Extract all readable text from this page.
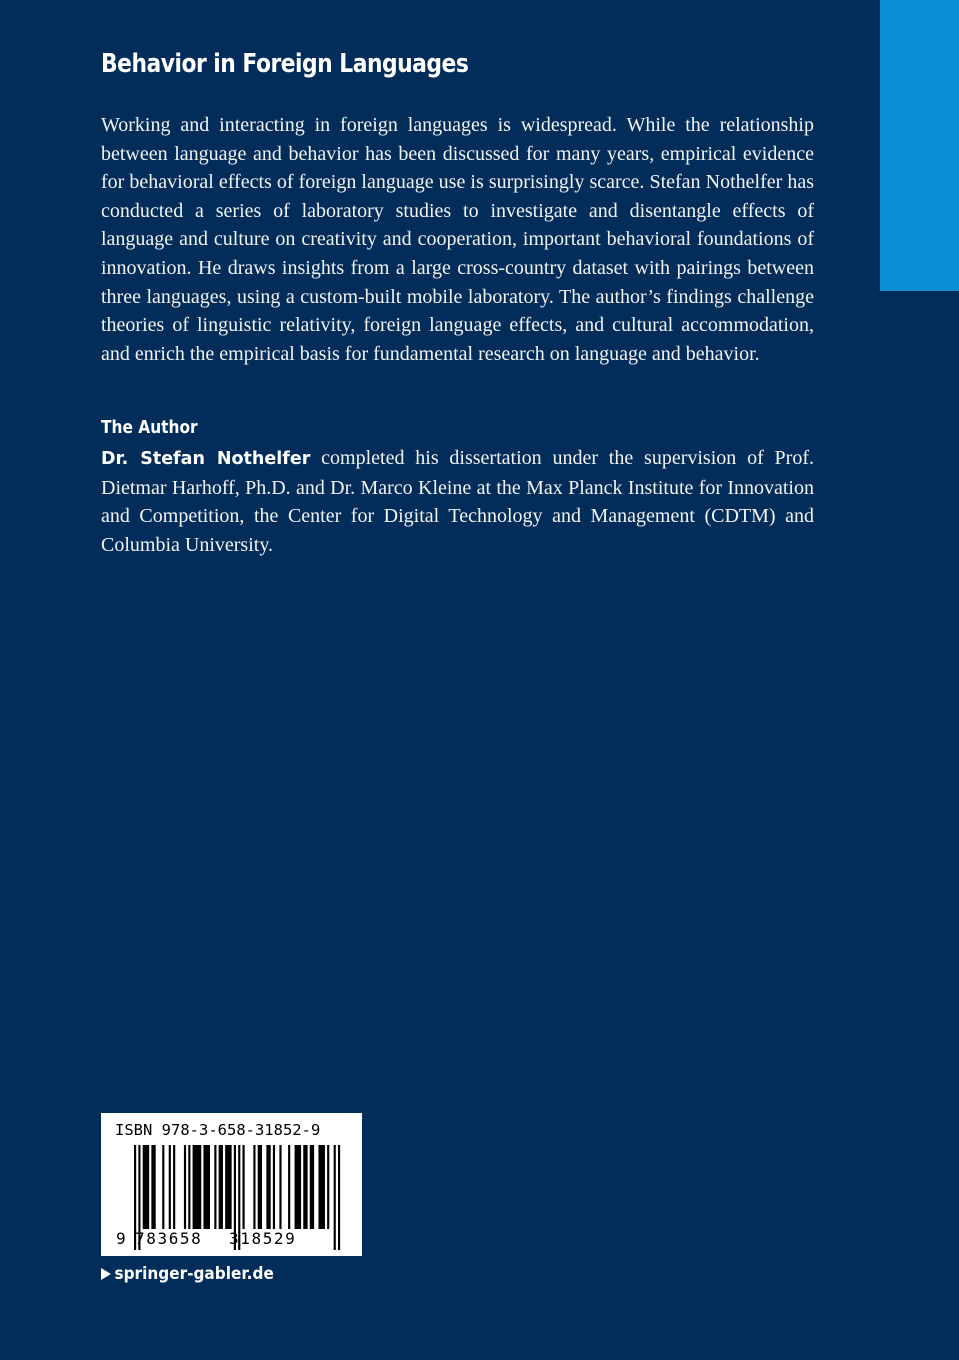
Behavior in Foreign Languages

Working and interacting in foreign languages is widespread. While the relationship between language and behavior has been discussed for many years, empirical evidence for behavioral effects of foreign language use is surprisingly scarce. Stefan Nothelfer has conducted a series of laboratory studies to investigate and disentangle effects of language and culture on creativity and cooperation, important behavioral foundations of innovation. He draws insights from a large cross-country dataset with pairings between three languages, using a custom-built mobile laboratory. The author’s findings challenge theories of linguistic relativity, foreign language effects, and cultural accommodation, and enrich the empirical basis for fundamental research on language and behavior.

The Author

Dr. Stefan Nothelfer completed his dissertation under the supervision of Prof. Dietmar Harhoff, Ph.D. and Dr. Marco Kleine at the Max Planck Institute for Innovation and Competition, the Center for Digital Technology and Management (CDTM) and Columbia University.

ISBN 978-3-658-31852-9
9 783658 318529
springer-gabler.de
